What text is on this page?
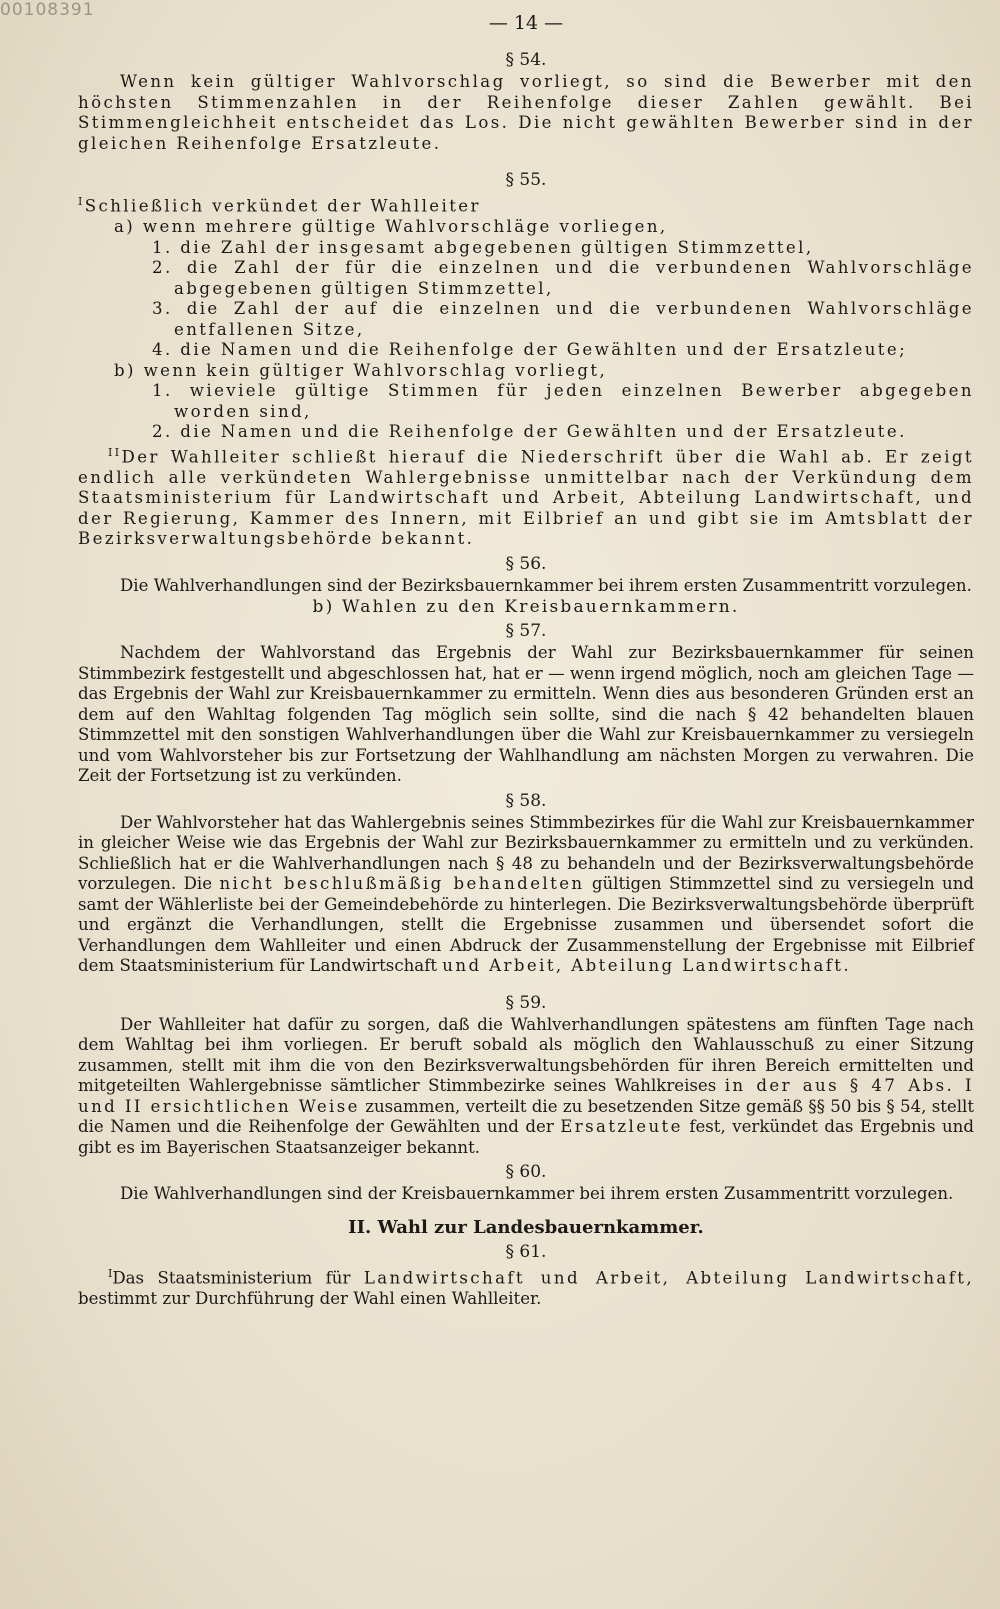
00108391
— 14 —
§ 54.

Wenn kein gültiger Wahlvorschlag vorliegt, so sind die Bewerber mit den höchsten Stimmenzahlen in der Reihenfolge dieser Zahlen gewählt. Bei Stimmengleichheit entscheidet das Los. Die nicht gewählten Bewerber sind in der gleichen Reihenfolge Ersatzleute.

§ 55.

$^I$Schließlich verkündet der Wahlleiter

a) wenn mehrere gültige Wahlvorschläge vorliegen,

1. die Zahl der insgesamt abgegebenen gültigen Stimmzettel,

2. die Zahl der für die einzelnen und die verbundenen Wahlvorschläge abgegebenen gültigen Stimmzettel,

3. die Zahl der auf die einzelnen und die verbundenen Wahlvorschläge entfallenen Sitze,

4. die Namen und die Reihenfolge der Gewählten und der Ersatzleute;

b) wenn kein gültiger Wahlvorschlag vorliegt,

1. wieviele gültige Stimmen für jeden einzelnen Bewerber abgegeben worden sind,

2. die Namen und die Reihenfolge der Gewählten und der Ersatzleute.

$^{II}$Der Wahlleiter schließt hierauf die Niederschrift über die Wahl ab. Er zeigt endlich alle verkündeten Wahlergebnisse unmittelbar nach der Verkündung dem Staatsministerium für Landwirtschaft und Arbeit, Abteilung Landwirtschaft, und der Regierung, Kammer des Innern, mit Eilbrief an und gibt sie im Amtsblatt der Bezirksverwaltungsbehörde bekannt.

§ 56.

Die Wahlverhandlungen sind der Bezirksbauernkammer bei ihrem ersten Zusammentritt vorzulegen.

b) Wahlen zu den Kreisbauernkammern.
§ 57.

Nachdem der Wahlvorstand das Ergebnis der Wahl zur Bezirksbauernkammer für seinen Stimmbezirk festgestellt und abgeschlossen hat, hat er — wenn irgend möglich, noch am gleichen Tage — das Ergebnis der Wahl zur Kreisbauernkammer zu ermitteln. Wenn dies aus besonderen Gründen erst an dem auf den Wahltag folgenden Tag möglich sein sollte, sind die nach § 42 behandelten blauen Stimmzettel mit den sonstigen Wahlverhandlungen über die Wahl zur Kreisbauernkammer zu versiegeln und vom Wahlvorsteher bis zur Fortsetzung der Wahlhandlung am nächsten Morgen zu verwahren. Die Zeit der Fortsetzung ist zu verkünden.

§ 58.

Der Wahlvorsteher hat das Wahlergebnis seines Stimmbezirkes für die Wahl zur Kreisbauernkammer in gleicher Weise wie das Ergebnis der Wahl zur Bezirksbauernkammer zu ermitteln und zu verkünden. Schließlich hat er die Wahlverhandlungen nach § 48 zu behandeln und der Bezirksverwaltungsbehörde vorzulegen. Die nicht beschlußmäßig behandelten gültigen Stimmzettel sind zu versiegeln und samt der Wählerliste bei der Gemeindebehörde zu hinterlegen. Die Bezirksverwaltungsbehörde überprüft und ergänzt die Verhandlungen, stellt die Ergebnisse zusammen und übersendet sofort die Verhandlungen dem Wahlleiter und einen Abdruck der Zusammenstellung der Ergebnisse mit Eilbrief dem Staatsministerium für Landwirtschaft und Arbeit, Abteilung Landwirtschaft.

§ 59.

Der Wahlleiter hat dafür zu sorgen, daß die Wahlverhandlungen spätestens am fünften Tage nach dem Wahltag bei ihm vorliegen. Er beruft sobald als möglich den Wahlausschuß zu einer Sitzung zusammen, stellt mit ihm die von den Bezirksverwaltungsbehörden für ihren Bereich ermittelten und mitgeteilten Wahlergebnisse sämtlicher Stimmbezirke seines Wahlkreises in der aus § 47 Abs. I und II ersichtlichen Weise zusammen, verteilt die zu besetzenden Sitze gemäß §§ 50 bis § 54, stellt die Namen und die Reihenfolge der Gewählten und der Ersatzleute fest, verkündet das Ergebnis und gibt es im Bayerischen Staatsanzeiger bekannt.

§ 60.

Die Wahlverhandlungen sind der Kreisbauernkammer bei ihrem ersten Zusammentritt vorzulegen.

II. Wahl zur Landesbauernkammer.
§ 61.

$^I$Das Staatsministerium für Landwirtschaft und Arbeit, Abteilung Landwirtschaft, bestimmt zur Durchführung der Wahl einen Wahlleiter.
